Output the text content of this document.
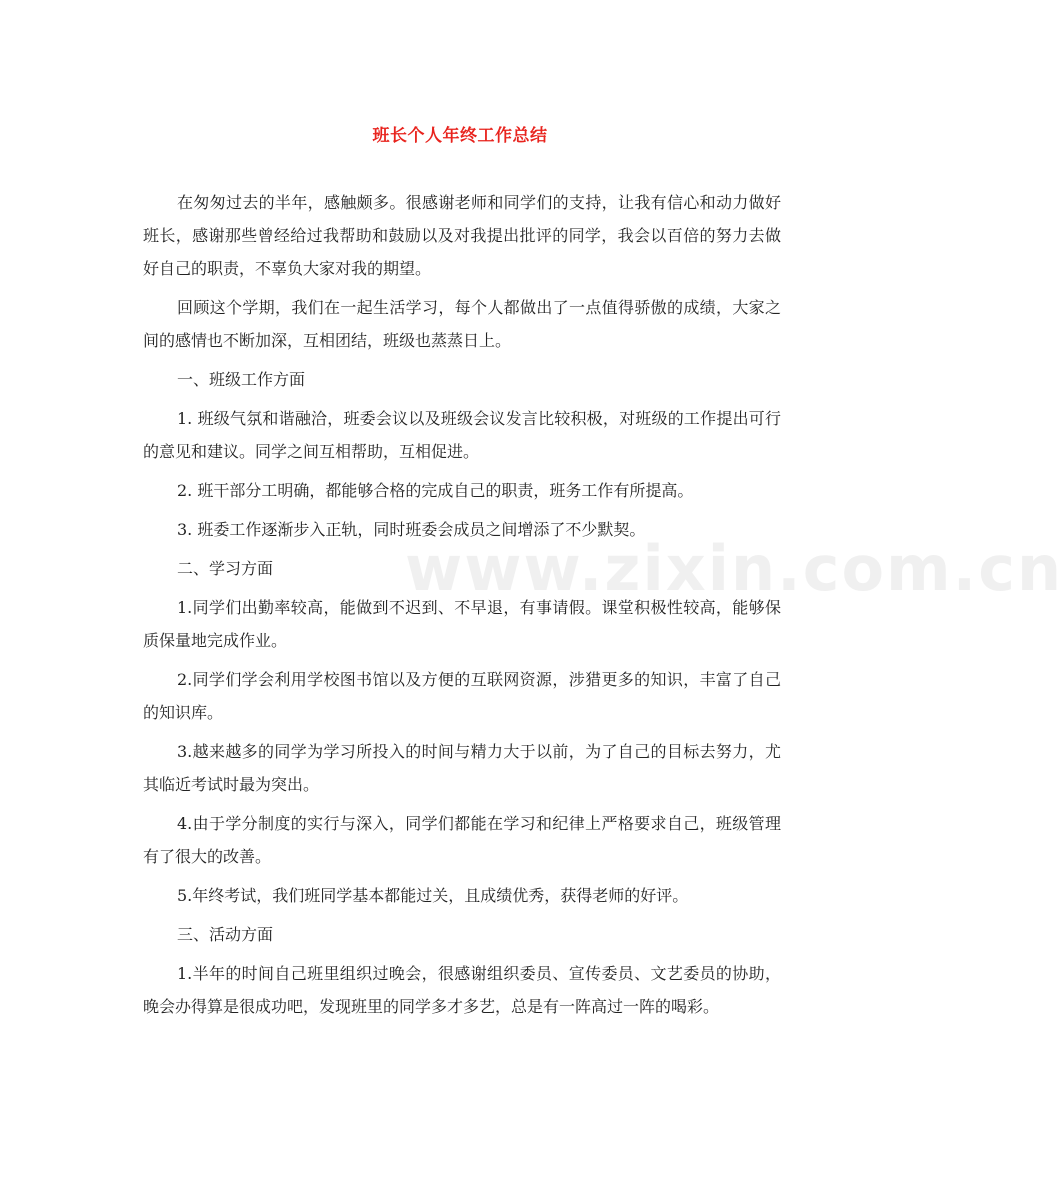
班长个人年终工作总结

在匆匆过去的半年，感触颇多。很感谢老师和同学们的支持，让我有信心和动力做好班长，感谢那些曾经给过我帮助和鼓励以及对我提出批评的同学，我会以百倍的努力去做好自己的职责，不辜负大家对我的期望。

回顾这个学期，我们在一起生活学习，每个人都做出了一点值得骄傲的成绩，大家之间的感情也不断加深，互相团结，班级也蒸蒸日上。

一、班级工作方面

1. 班级气氛和谐融洽，班委会议以及班级会议发言比较积极，对班级的工作提出可行的意见和建议。同学之间互相帮助，互相促进。

2. 班干部分工明确，都能够合格的完成自己的职责，班务工作有所提高。

3. 班委工作逐渐步入正轨，同时班委会成员之间增添了不少默契。

二、学习方面

1.同学们出勤率较高，能做到不迟到、不早退，有事请假。课堂积极性较高，能够保质保量地完成作业。

2.同学们学会利用学校图书馆以及方便的互联网资源，涉猎更多的知识，丰富了自己的知识库。

3.越来越多的同学为学习所投入的时间与精力大于以前，为了自己的目标去努力，尤其临近考试时最为突出。

4.由于学分制度的实行与深入，同学们都能在学习和纪律上严格要求自己，班级管理有了很大的改善。

5.年终考试，我们班同学基本都能过关，且成绩优秀，获得老师的好评。

三、活动方面

1.半年的时间自己班里组织过晚会，很感谢组织委员、宣传委员、文艺委员的协助，晚会办得算是很成功吧，发现班里的同学多才多艺，总是有一阵高过一阵的喝彩。

www.zixin.com.cn
